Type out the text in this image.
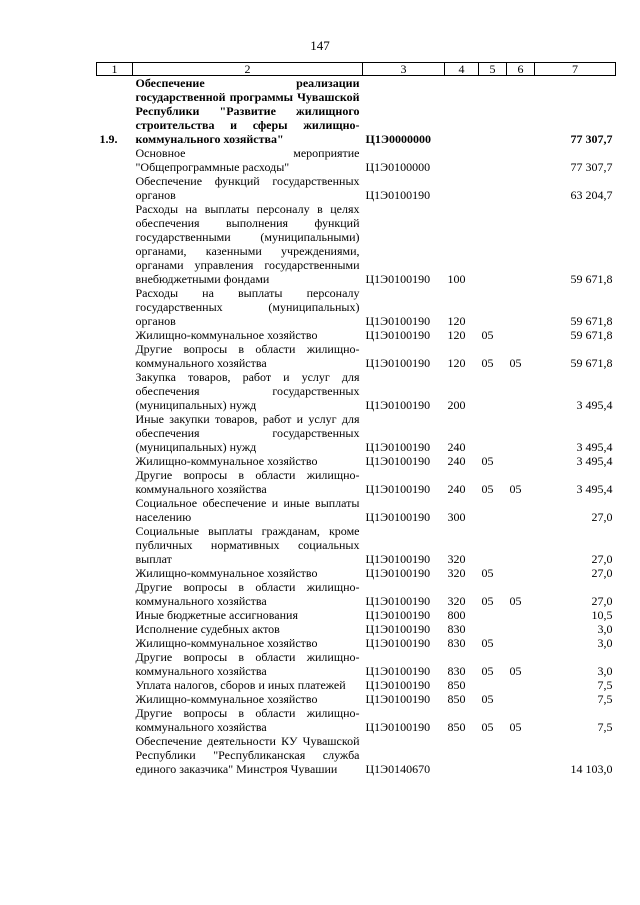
147
1	2	3	4	5	6	7
1.9.	Обеспечение реализации государственной программы Чувашской Республики "Развитие жилищного строительства и сферы жилищно-коммунального хозяйства"	Ц1Э0000000				77 307,7
	Основное мероприятие "Общепрограммные расходы"	Ц1Э0100000				77 307,7
	Обеспечение функций государственных органов	Ц1Э0100190				63 204,7
	Расходы на выплаты персоналу в целях обеспечения выполнения функций государственными (муниципальными) органами, казенными учреждениями, органами управления государственными внебюджетными фондами	Ц1Э0100190	100			59 671,8
	Расходы на выплаты персоналу государственных (муниципальных) органов	Ц1Э0100190	120			59 671,8
	Жилищно-коммунальное хозяйство	Ц1Э0100190	120	05		59 671,8
	Другие вопросы в области жилищно-коммунального хозяйства	Ц1Э0100190	120	05	05	59 671,8
	Закупка товаров, работ и услуг для обеспечения государственных (муниципальных) нужд	Ц1Э0100190	200			3 495,4
	Иные закупки товаров, работ и услуг для обеспечения государственных (муниципальных) нужд	Ц1Э0100190	240			3 495,4
	Жилищно-коммунальное хозяйство	Ц1Э0100190	240	05		3 495,4
	Другие вопросы в области жилищно-коммунального хозяйства	Ц1Э0100190	240	05	05	3 495,4
	Социальное обеспечение и иные выплаты населению	Ц1Э0100190	300			27,0
	Социальные выплаты гражданам, кроме публичных нормативных социальных выплат	Ц1Э0100190	320			27,0
	Жилищно-коммунальное хозяйство	Ц1Э0100190	320	05		27,0
	Другие вопросы в области жилищно-коммунального хозяйства	Ц1Э0100190	320	05	05	27,0
	Иные бюджетные ассигнования	Ц1Э0100190	800			10,5
	Исполнение судебных актов	Ц1Э0100190	830			3,0
	Жилищно-коммунальное хозяйство	Ц1Э0100190	830	05		3,0
	Другие вопросы в области жилищно-коммунального хозяйства	Ц1Э0100190	830	05	05	3,0
	Уплата налогов, сборов и иных платежей	Ц1Э0100190	850			7,5
	Жилищно-коммунальное хозяйство	Ц1Э0100190	850	05		7,5
	Другие вопросы в области жилищно-коммунального хозяйства	Ц1Э0100190	850	05	05	7,5
	Обеспечение деятельности КУ Чувашской Республики "Республиканская служба единого заказчика" Минстроя Чувашии	Ц1Э0140670				14 103,0
